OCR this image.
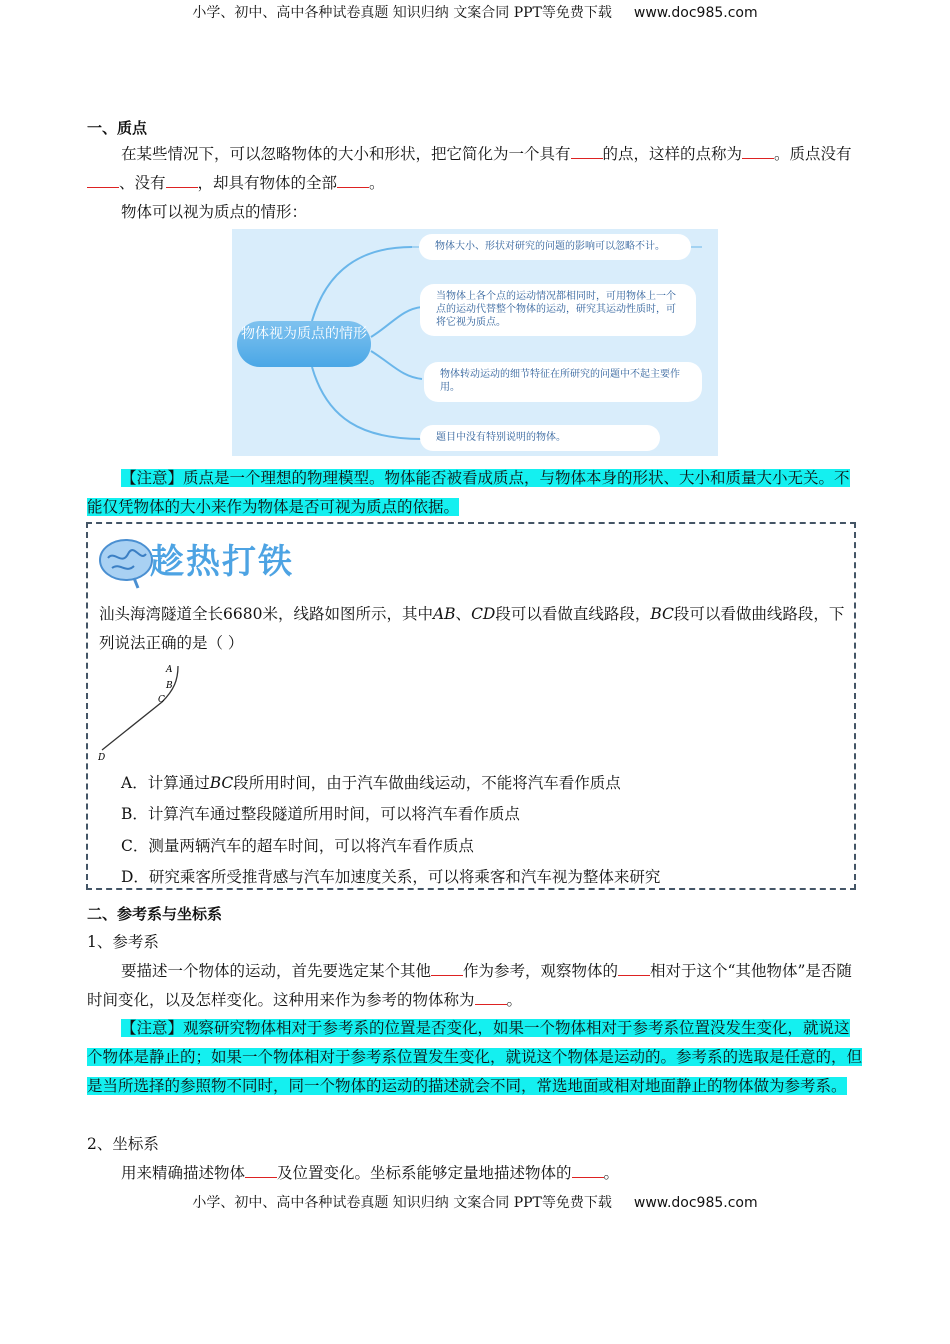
小学、初中、高中各种试卷真题 知识归纳 文案合同 PPT等免费下载 www.doc985.com
一、质点
在某些情况下，可以忽略物体的大小和形状，把它简化为一个具有 的点，这样的点称为 。质点没有、没有 ，却具有物体的全部 。
物体可以视为质点的情形：
物体视为质点的情形
物体大小、形状对研究的问题的影响可以忽略不计。
当物体上各个点的运动情况都相同时，可用物体上一个点的运动代替整个物体的运动，研究其运动性质时，可将它视为质点。
物体转动运动的细节特征在所研究的问题中不起主要作用。
题目中没有特别说明的物体。
【注意】质点是一个理想的物理模型。物体能否被看成质点，与物体本身的形状、大小和质量大小无关。不能仅凭物体的大小来作为物体是否可视为质点的依据。
趁热打铁
汕头海湾隧道全长6680米，线路如图所示，其中AB、CD段可以看做直线路段，BC段可以看做曲线路段，下列说法正确的是（ ）
A
B
C
D
A．计算通过BC段所用时间，由于汽车做曲线运动，不能将汽车看作质点
B．计算汽车通过整段隧道所用时间，可以将汽车看作质点
C．测量两辆汽车的超车时间，可以将汽车看作质点
D．研究乘客所受推背感与汽车加速度关系，可以将乘客和汽车视为整体来研究
二、参考系与坐标系
1、参考系
要描述一个物体的运动，首先要选定某个其他 作为参考，观察物体的 相对于这个“其他物体”是否随时间变化，以及怎样变化。这种用来作为参考的物体称为 。
【注意】观察研究物体相对于参考系的位置是否变化，如果一个物体相对于参考系位置没发生变化，就说这个物体是静止的；如果一个物体相对于参考系位置发生变化，就说这个物体是运动的。参考系的选取是任意的，但是当所选择的参照物不同时，同一个物体的运动的描述就会不同，常选地面或相对地面静止的物体做为参考系。
2、坐标系
用来精确描述物体 及位置变化。坐标系能够定量地描述物体的 。
小学、初中、高中各种试卷真题 知识归纳 文案合同 PPT等免费下载 www.doc985.com
